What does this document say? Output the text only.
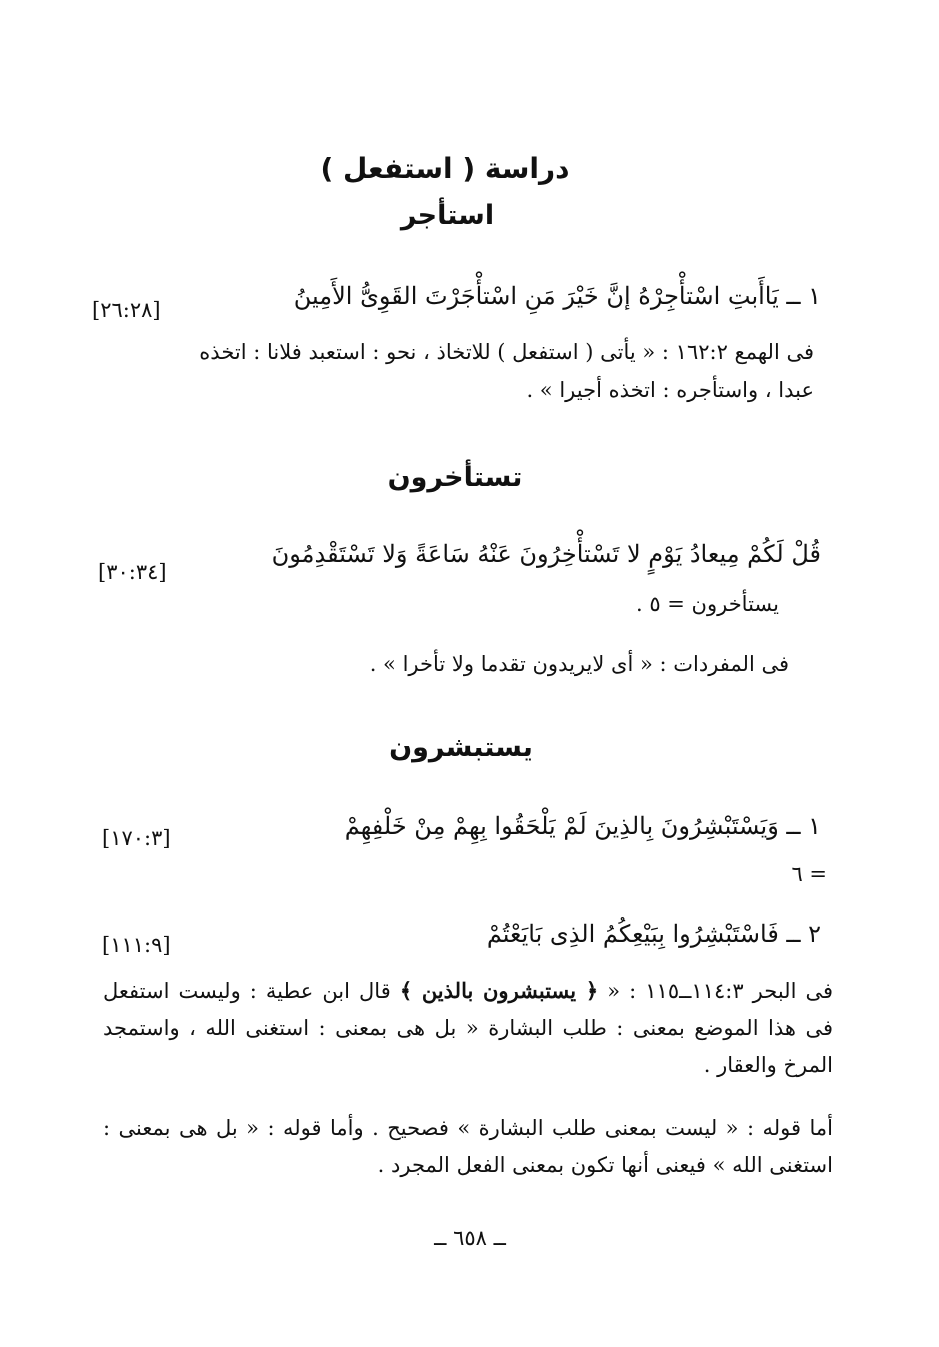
دراسة ( استفعل )
استأجر
١ ــ يَاأَبتِ اسْتأْجِرْهُ إنَّ خَيْرَ مَنِ اسْتأْجَرْتَ القَوِىُّ الأَمِينُ
[٢٦:٢٨]
فى الهمع ١٦٢:٢ : « يأتى ( استفعل ) للاتخاذ ، نحو : استعبد فلانا : اتخذه
عبدا ، واستأجره : اتخذه أجيرا » .
تستأخرون
قُلْ لَكُمْ مِيعادُ يَوْمٍ لا تَسْتأْخِرُونَ عَنْهُ سَاعَةً وَلا تَسْتَقْدِمُونَ
[٣٠:٣٤]
يستأخرون = ٥ .
فى المفردات : « أى لايريدون تقدما ولا تأخرا » .
يستبشرون
١ ــ وَيَسْتَبْشِرُونَ بِالذِينَ لَمْ يَلْحَقُوا بِهِمْ مِنْ خَلْفِهِمْ
[١٧٠:٣]
= ٦
٢ ــ فَاسْتَبْشِرُوا بِبَيْعِكُمُ الذِى بَايَعْتُمْ
[١١١:٩]
فى البحر ١١٤:٣ــ١١٥ : « ﴿ يستبشرون بالذين ﴾ قال ابن عطية : وليست استفعل فى هذا الموضع بمعنى : طلب البشارة « بل هى بمعنى : استغنى الله ، واستمجد المرخ والعقار .
أما قوله : « ليست بمعنى طلب البشارة » فصحيح . وأما قوله : « بل هى بمعنى : استغنى الله » فيعنى أنها تكون بمعنى الفعل المجرد .
ــ ٦٥٨ ــ
